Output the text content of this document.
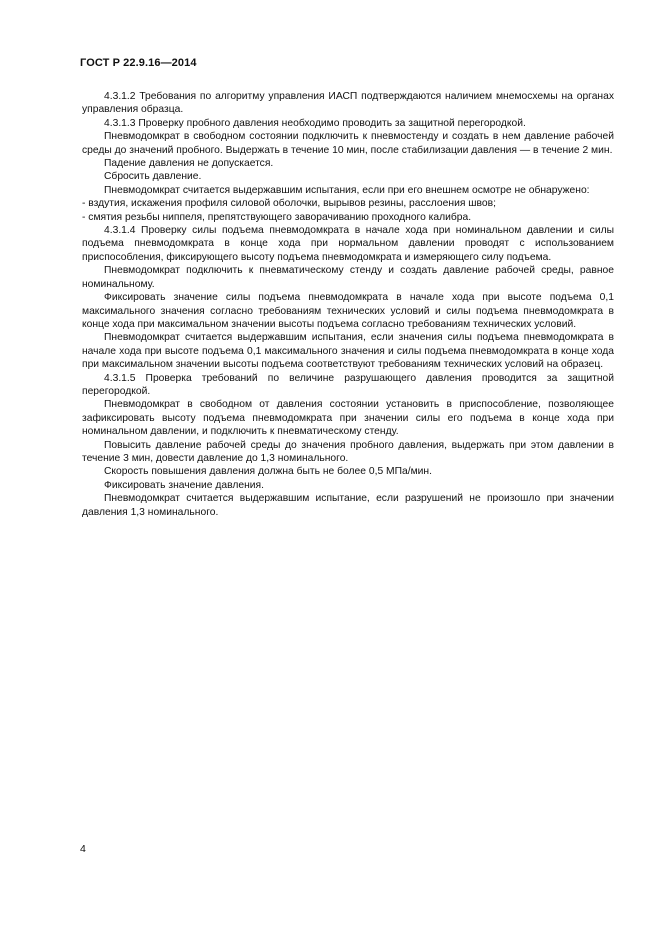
ГОСТ Р 22.9.16—2014

4.3.1.2 Требования по алгоритму управления ИАСП подтверждаются наличием мнемосхемы на органах управления образца.

4.3.1.3 Проверку пробного давления необходимо проводить за защитной перегородкой.

Пневмодомкрат в свободном состоянии подключить к пневмостенду и создать в нем давление рабочей среды до значений пробного. Выдержать в течение 10 мин, после стабилизации давления — в течение 2 мин.

Падение давления не допускается.

Сбросить давление.

Пневмодомкрат считается выдержавшим испытания, если при его внешнем осмотре не обнаружено:

- вздутия, искажения профиля силовой оболочки, вырывов резины, расслоения швов;

- смятия резьбы ниппеля, препятствующего заворачиванию проходного калибра.

4.3.1.4 Проверку силы подъема пневмодомкрата в начале хода при номинальном давлении и силы подъема пневмодомкрата в конце хода при нормальном давлении проводят с использованием приспособления, фиксирующего высоту подъема пневмодомкрата и измеряющего силу подъема.

Пневмодомкрат подключить к пневматическому стенду и создать давление рабочей среды, равное номинальному.

Фиксировать значение силы подъема пневмодомкрата в начале хода при высоте подъема 0,1 максимального значения согласно требованиям технических условий и силы подъема пневмодомкрата в конце хода при максимальном значении высоты подъема согласно требованиям технических условий.

Пневмодомкрат считается выдержавшим испытания, если значения силы подъема пневмодомкрата в начале хода при высоте подъема 0,1 максимального значения и силы подъема пневмодомкрата в конце хода при максимальном значении высоты подъема соответствуют требованиям технических условий на образец.

4.3.1.5 Проверка требований по величине разрушающего давления проводится за защитной перегородкой.

Пневмодомкрат в свободном от давления состоянии установить в приспособление, позволяющее зафиксировать высоту подъема пневмодомкрата при значении силы его подъема в конце хода при номинальном давлении, и подключить к пневматическому стенду.

Повысить давление рабочей среды до значения пробного давления, выдержать при этом давлении в течение 3 мин, довести давление до 1,3 номинального.

Скорость повышения давления должна быть не более 0,5 МПа/мин.

Фиксировать значение давления.

Пневмодомкрат считается выдержавшим испытание, если разрушений не произошло при значении давления 1,3 номинального.

4
